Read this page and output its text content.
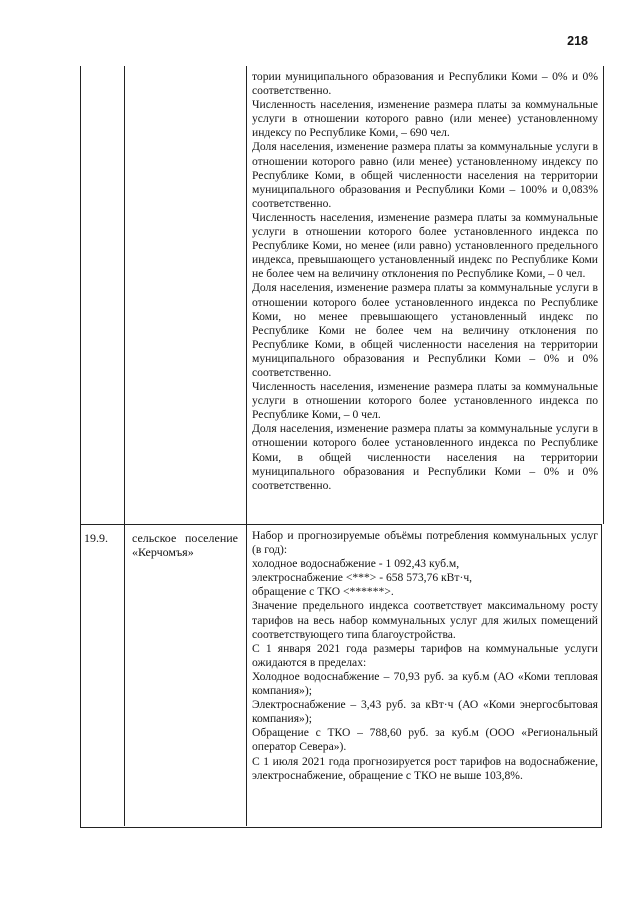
218

тории муниципального образования и Республики Коми – 0% и 0% соответственно.

Численность населения, изменение размера платы за коммунальные услуги в отношении которого равно (или менее) установленному индексу по Республике Коми, – 690 чел.

Доля населения, изменение размера платы за коммунальные услуги в отношении которого равно (или менее) установленному индексу по Республике Коми, в общей численности населения на территории муниципального образования и Республики Коми – 100% и 0,083% соответственно.

Численность населения, изменение размера платы за коммунальные услуги в отношении которого более установленного индекса по Республике Коми, но менее (или равно) установленного предельного индекса, превышающего установленный индекс по Республике Коми не более чем на величину отклонения по Республике Коми, – 0 чел.

Доля населения, изменение размера платы за коммунальные услуги в отношении которого более установленного индекса по Республике Коми, но менее превышающего установленный индекс по Республике Коми не более чем на величину отклонения по Республике Коми, в общей численности населения на территории муниципального образования и Республики Коми – 0% и 0% соответственно.

Численность населения, изменение размера платы за коммунальные услуги в отношении которого более установленного индекса по Республике Коми, – 0 чел.

Доля населения, изменение размера платы за коммунальные услуги в отношении которого более установленного индекса по Республике Коми, в общей численности населения на территории муниципального образования и Республики Коми – 0% и 0% соответственно.

19.9. сельское поселение «Керчомъя»

Набор и прогнозируемые объёмы потребления коммунальных услуг (в год):

холодное водоснабжение - 1 092,43 куб.м,

электроснабжение <***> - 658 573,76 кВт·ч,

обращение с ТКО <******>.

Значение предельного индекса соответствует максимальному росту тарифов на весь набор коммунальных услуг для жилых помещений соответствующего типа благоустройства.

С 1 января 2021 года размеры тарифов на коммунальные услуги ожидаются в пределах:

Холодное водоснабжение – 70,93 руб. за куб.м (АО «Коми тепловая компания»);

Электроснабжение – 3,43 руб. за кВт·ч (АО «Коми энергосбытовая компания»);

Обращение с ТКО – 788,60 руб. за куб.м (ООО «Региональный оператор Севера»).

С 1 июля 2021 года прогнозируется рост тарифов на водоснабжение, электроснабжение, обращение с ТКО не выше 103,8%.
